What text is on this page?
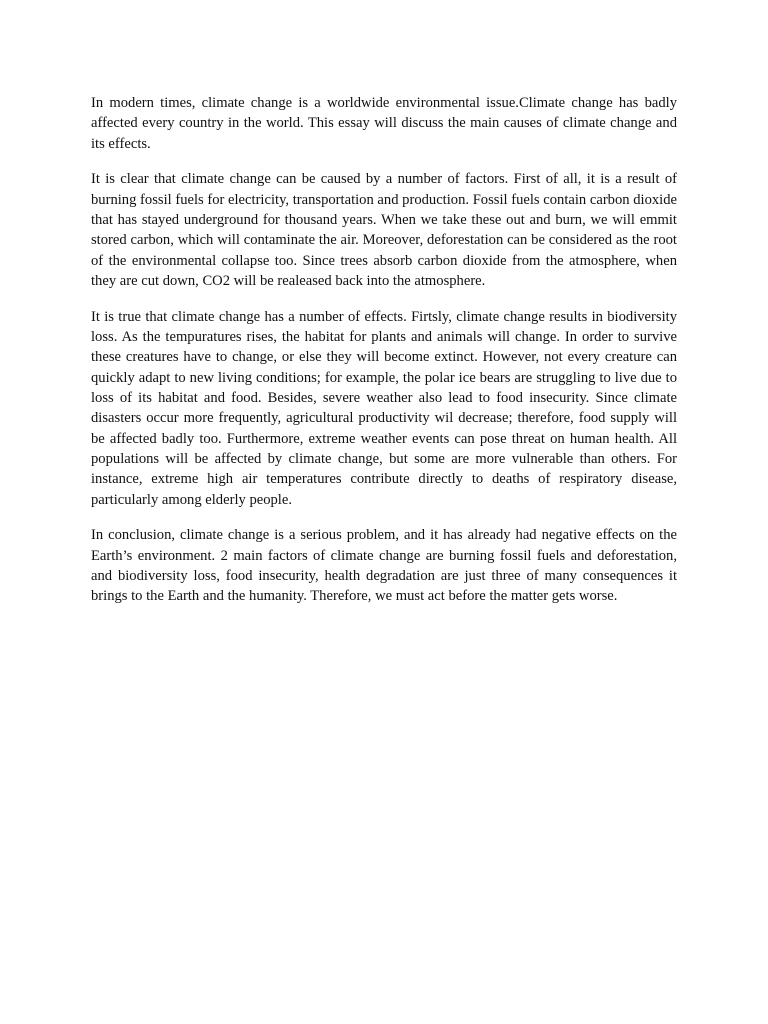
In modern times, climate change is a worldwide environmental issue.Climate change has badly affected every country in the world. This essay will discuss the main causes of climate change and its effects.

It is clear that climate change can be caused by a number of factors. First of all, it is a result of burning fossil fuels for electricity, transportation and production. Fossil fuels contain carbon dioxide that has stayed underground for thousand years. When we take these out and burn, we will emmit stored carbon, which will contaminate the air. Moreover, deforestation can be considered as the root of the environmental collapse too. Since trees absorb carbon dioxide from the atmosphere, when they are cut down, CO2 will be realeased back into the atmosphere.

It is true that climate change has a number of effects. Firtsly, climate change results in biodiversity loss. As the tempuratures rises, the habitat for plants and animals will change. In order to survive these creatures have to change, or else they will become extinct. However, not every creature can quickly adapt to new living conditions; for example, the polar ice bears are struggling to live due to loss of its habitat and food. Besides, severe weather also lead to food insecurity. Since climate disasters occur more frequently, agricultural productivity wil decrease; therefore, food supply will be affected badly too. Furthermore, extreme weather events can pose threat on human health. All populations will be affected by climate change, but some are more vulnerable than others. For instance, extreme high air temperatures contribute directly to deaths of respiratory disease, particularly among elderly people.

In conclusion, climate change is a serious problem, and it has already had negative effects on the Earth’s environment. 2 main factors of climate change are burning fossil fuels and deforestation, and biodiversity loss, food insecurity, health degradation are just three of many consequences it brings to the Earth and the humanity. Therefore, we must act before the matter gets worse.
